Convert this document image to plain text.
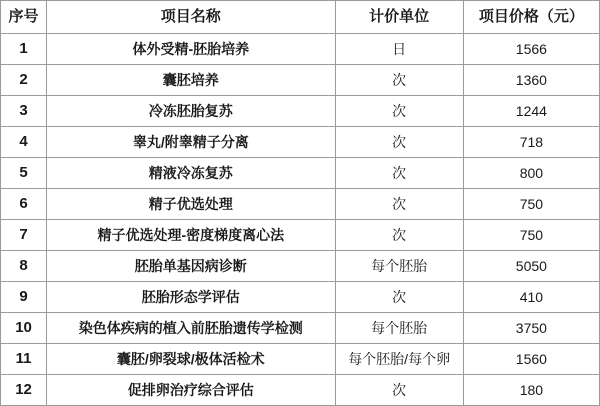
序号	项目名称	计价单位	项目价格（元）
1	体外受精-胚胎培养	日	1566
2	囊胚培养	次	1360
3	冷冻胚胎复苏	次	1244
4	睾丸/附睾精子分离	次	718
5	精液冷冻复苏	次	800
6	精子优选处理	次	750
7	精子优选处理-密度梯度离心法	次	750
8	胚胎单基因病诊断	每个胚胎	5050
9	胚胎形态学评估	次	410
10	染色体疾病的植入前胚胎遗传学检测	每个胚胎	3750
11	囊胚/卵裂球/极体活检术	每个胚胎/每个卵	1560
12	促排卵治疗综合评估	次	180
